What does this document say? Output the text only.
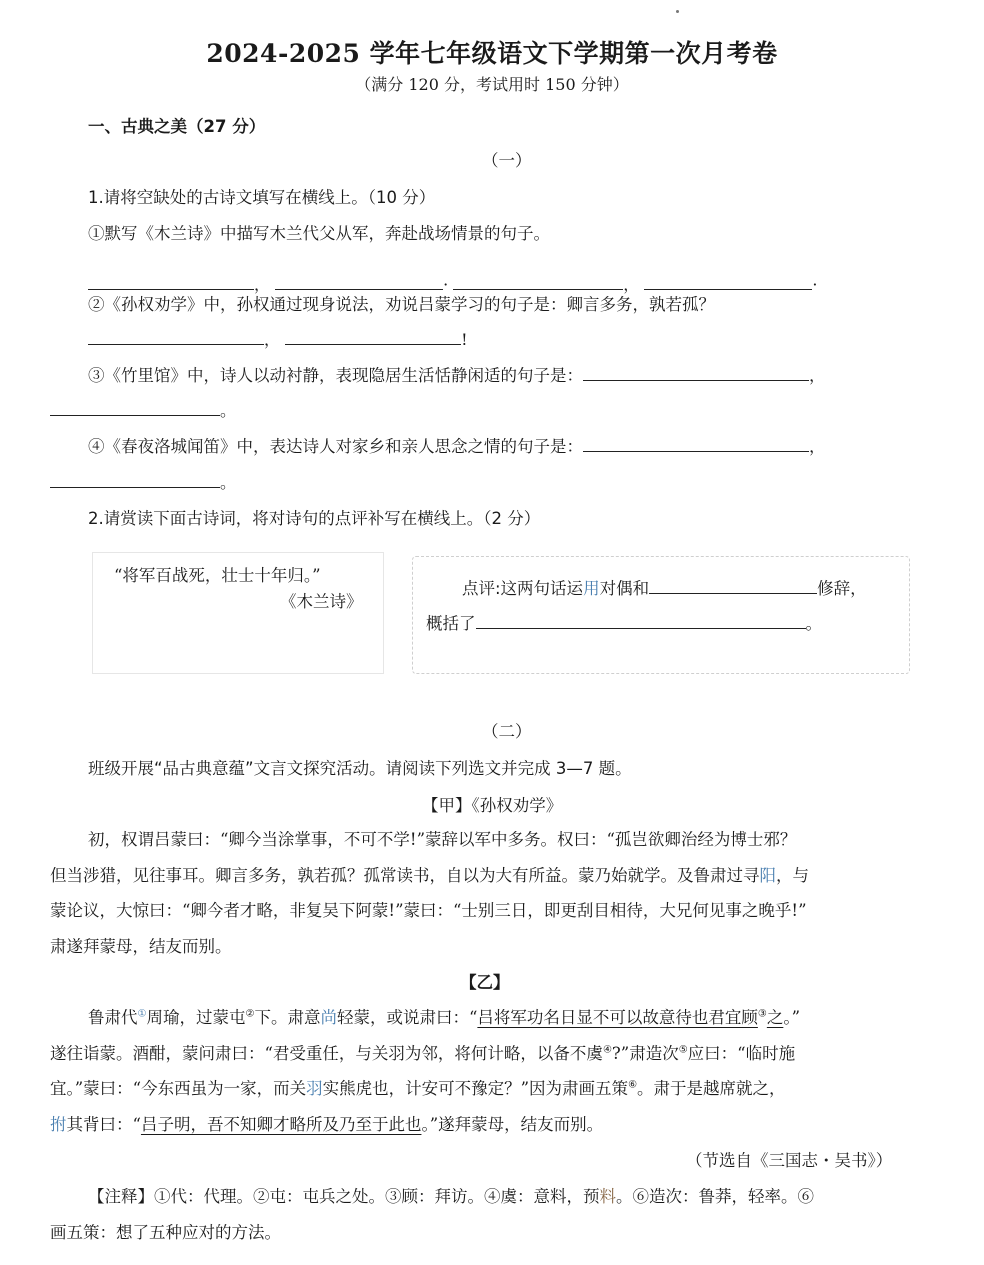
2024-2025 学年七年级语文下学期第一次月考卷
（满分 120 分，考试用时 150 分钟）
一、古典之美（27 分）
（一）
1.请将空缺处的古诗文填写在横线上。（10 分）
①默写《木兰诗》中描写木兰代父从军，奔赴战场情景的句子。
，	·	，	·
②《孙权劝学》中，孙权通过现身说法，劝说吕蒙学习的句子是：卿言多务，孰若孤？
，	!
③《竹里馆》中，诗人以动衬静，表现隐居生活恬静闲适的句子是：	，
。
④《春夜洛城闻笛》中，表达诗人对家乡和亲人思念之情的句子是：	，
。
2.请赏读下面古诗词，将对诗句的点评补写在横线上。（2 分）
“将军百战死，壮士十年归。”
《木兰诗》
点评:这两句话运用对偶和	修辞，
概括了	。
（二）
班级开展“品古典意蕴”文言文探究活动。请阅读下列选文并完成 3—7 题。
【甲】《孙权劝学》
初，权谓吕蒙曰：“卿今当涂掌事，不可不学!”蒙辞以军中多务。权曰：“孤岂欲卿治经为博士邪？
但当涉猎，见往事耳。卿言多务，孰若孤？孤常读书，自以为大有所益。蒙乃始就学。及鲁肃过寻阳，与
蒙论议，大惊曰：“卿今者才略，非复吴下阿蒙!”蒙曰：“士别三日，即更刮目相待，大兄何见事之晚乎!”
肃遂拜蒙母，结友而别。
【乙】
鲁肃代①周瑜，过蒙屯②下。肃意尚轻蒙，或说肃曰：“吕将军功名日显不可以故意待也君宜顾③之。”
遂往诣蒙。酒酣，蒙问肃曰：“君受重任，与关羽为邻，将何计略，以备不虞④?”肃造次⑤应曰：“临时施
宜。”蒙曰：“今东西虽为一家，而关羽实熊虎也，计安可不豫定？”因为肃画五策⑥。肃于是越席就之，
拊其背曰：“吕子明，吾不知卿才略所及乃至于此也。”遂拜蒙母，结友而别。
（节选自《三国志・吴书》）
【注释】①代：代理。②屯：屯兵之处。③顾：拜访。④虞：意料，预料。⑥造次：鲁莽，轻率。⑥
画五策：想了五种应对的方法。
